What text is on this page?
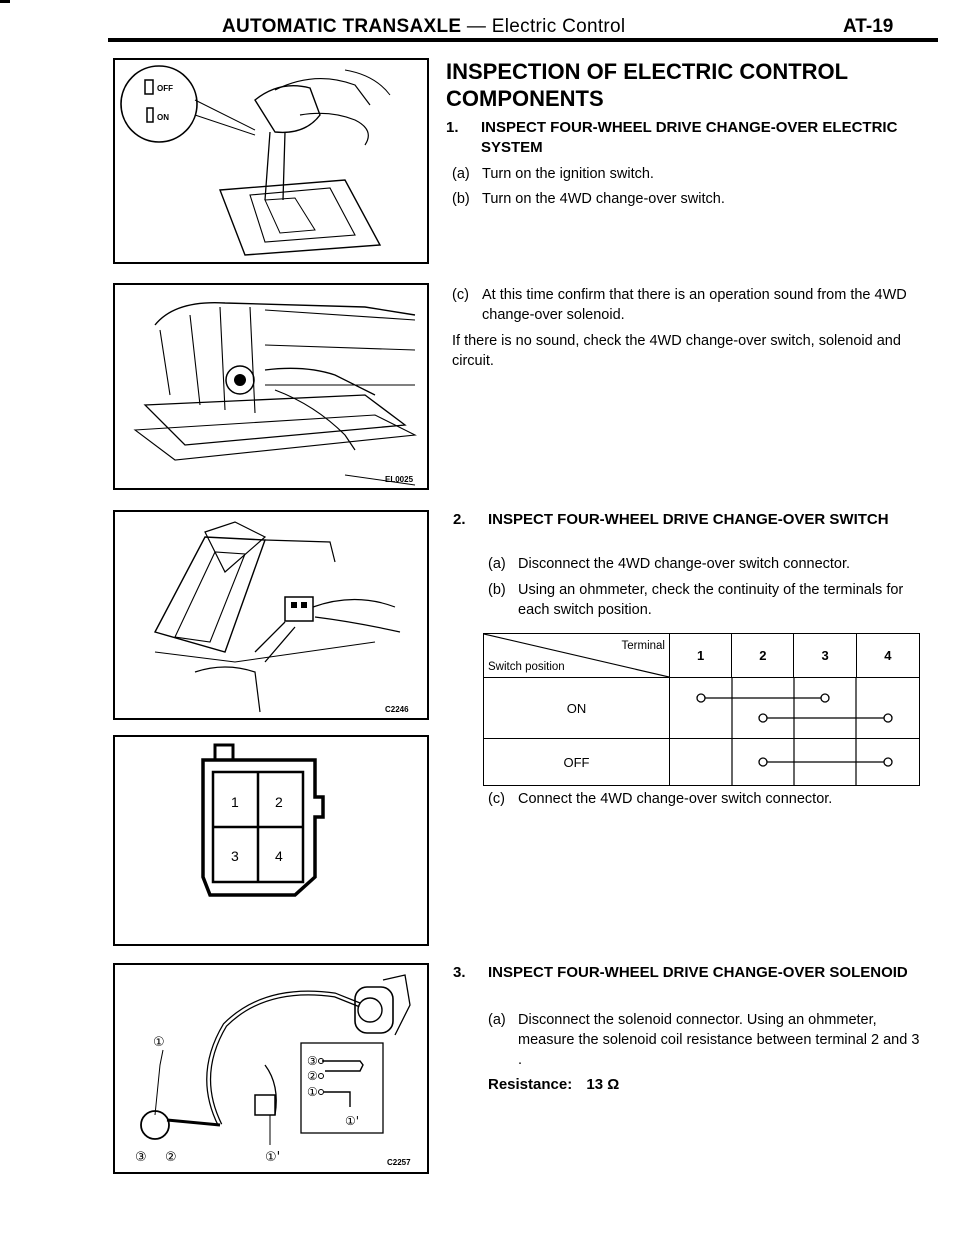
AUTOMATIC TRANSAXLE — Electric Control	AT-19
OFF
ON
EL0025
C2246
1	2
3	4
①
③ ②	①'
③
②
①
①'
C2257
INSPECTION OF ELECTRIC CONTROL COMPONENTS
1. INSPECT FOUR-WHEEL DRIVE CHANGE-OVER ELECTRIC SYSTEM
(a) Turn on the ignition switch.
(b) Turn on the 4WD change-over switch.
(c) At this time confirm that there is an operation sound from the 4WD change-over solenoid.
If there is no sound, check the 4WD change-over switch, solenoid and circuit.
2. INSPECT FOUR-WHEEL DRIVE CHANGE-OVER SWITCH
(a) Disconnect the 4WD change-over switch connector.
(b) Using an ohmmeter, check the continuity of the terminals for each switch position.
Terminal
Switch position	1	2	3	4
ON	

OFF	
(c) Connect the 4WD change-over switch connector.
3. INSPECT FOUR-WHEEL DRIVE CHANGE-OVER SOLENOID
(a) Disconnect the solenoid connector. Using an ohmmeter, measure the solenoid coil resistance between terminal 2 and 3 .
Resistance: 13 Ω
